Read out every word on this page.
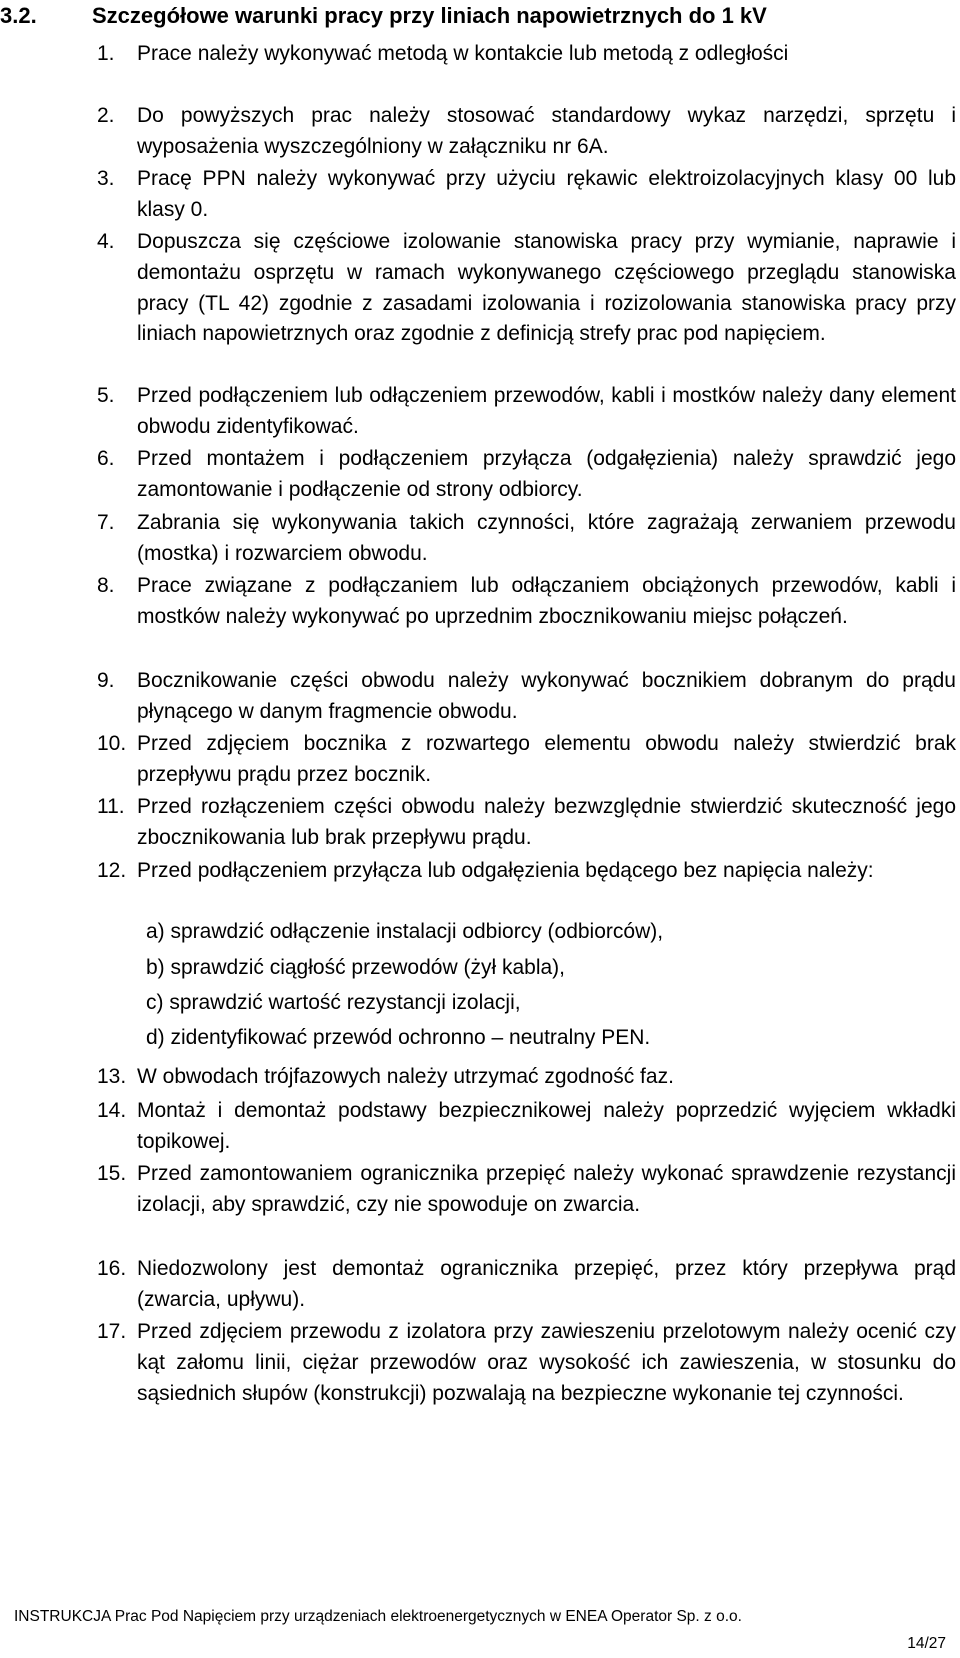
3.2.	Szczegółowe warunki pracy przy liniach napowietrznych do 1 kV
1. Prace należy wykonywać metodą w kontakcie lub metodą z odległości
2. Do powyższych prac należy stosować standardowy wykaz narzędzi, sprzętu i wyposażenia wyszczególniony w załączniku nr 6A.
3. Pracę PPN należy wykonywać przy użyciu rękawic elektroizolacyjnych klasy 00 lub klasy 0.
4. Dopuszcza się częściowe izolowanie stanowiska pracy przy wymianie, naprawie i demontażu osprzętu w ramach wykonywanego częściowego przeglądu stanowiska pracy (TL 42) zgodnie z zasadami izolowania i rozizolowania stanowiska pracy przy liniach napowietrznych oraz zgodnie z definicją strefy prac pod napięciem.
5. Przed podłączeniem lub odłączeniem przewodów, kabli i mostków należy dany element obwodu zidentyfikować.
6. Przed montażem i podłączeniem przyłącza (odgałęzienia) należy sprawdzić jego zamontowanie i podłączenie od strony odbiorcy.
7. Zabrania się wykonywania takich czynności, które zagrażają zerwaniem przewodu (mostka) i rozwarciem obwodu.
8. Prace związane z podłączaniem lub odłączaniem obciążonych przewodów, kabli i mostków należy wykonywać po uprzednim zbocznikowaniu miejsc połączeń.
9. Bocznikowanie części obwodu należy wykonywać bocznikiem dobranym do prądu płynącego w danym fragmencie obwodu.
10. Przed zdjęciem bocznika z rozwartego elementu obwodu należy stwierdzić brak przepływu prądu przez bocznik.
11. Przed rozłączeniem części obwodu należy bezwzględnie stwierdzić skuteczność jego zbocznikowania lub brak przepływu prądu.
12. Przed podłączeniem przyłącza lub odgałęzienia będącego bez napięcia należy:
a) sprawdzić odłączenie instalacji odbiorcy (odbiorców),
b) sprawdzić ciągłość przewodów (żył kabla),
c) sprawdzić wartość rezystancji izolacji,
d) zidentyfikować przewód ochronno – neutralny PEN.
13. W obwodach trójfazowych należy utrzymać zgodność faz.
14. Montaż i demontaż podstawy bezpiecznikowej należy poprzedzić wyjęciem wkładki topikowej.
15. Przed zamontowaniem ogranicznika przepięć należy wykonać sprawdzenie rezystancji izolacji, aby sprawdzić, czy nie spowoduje on zwarcia.
16. Niedozwolony jest demontaż ogranicznika przepięć, przez który przepływa prąd (zwarcia, upływu).
17. Przed zdjęciem przewodu z izolatora przy zawieszeniu przelotowym należy ocenić czy kąt załomu linii, ciężar przewodów oraz wysokość ich zawieszenia, w stosunku do sąsiednich słupów (konstrukcji) pozwalają na bezpieczne wykonanie tej czynności.
INSTRUKCJA Prac Pod Napięciem przy urządzeniach elektroenergetycznych w ENEA Operator Sp. z o.o.
14/27
